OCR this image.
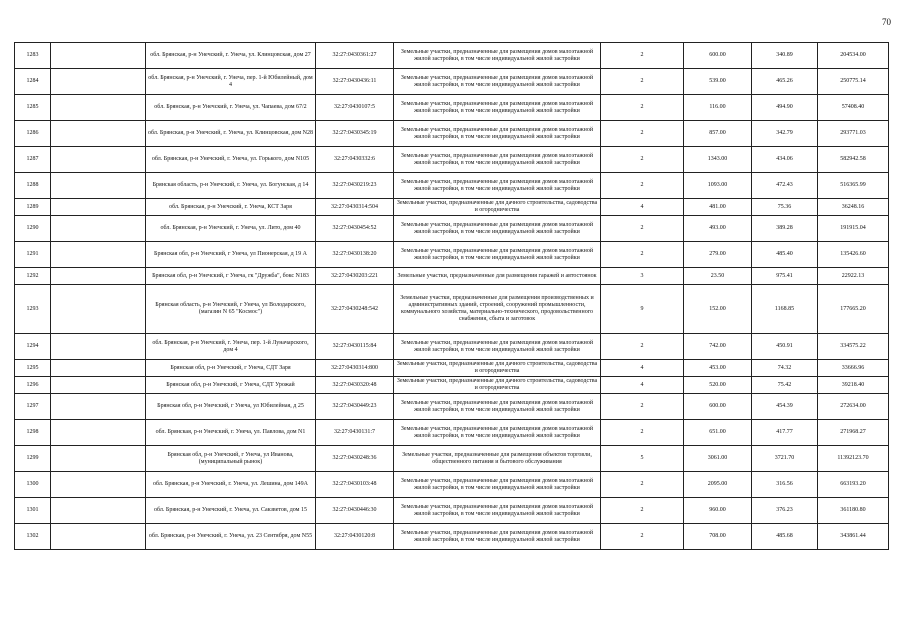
70
1283		обл. Брянская, р-н Унечский, г. Унеча, ул. Клинцовская, дом 27	32:27:0430361:27	Земельные участки, предназначенные для размещения домов малоэтажной жилой застройки, в том числе индивидуальной жилой застройки	2	600.00	340.89	204534.00
1284		обл. Брянская, р-н Унечский, г. Унеча, пер. 1-й Юбилейный, дом 4	32:27:0430436:11	Земельные участки, предназначенные для размещения домов малоэтажной жилой застройки, в том числе индивидуальной жилой застройки	2	539.00	465.26	250775.14
1285		обл. Брянская, р-н Унечский, г. Унеча, ул. Чапаева, дом 67/2	32:27:0430107:5	Земельные участки, предназначенные для размещения домов малоэтажной жилой застройки, в том числе индивидуальной жилой застройки	2	116.00	494.90	57408.40
1286		обл. Брянская, р-н Унечский, г. Унеча, ул. Клинцовская, дом N28	32:27:0430345:19	Земельные участки, предназначенные для размещения домов малоэтажной жилой застройки, в том числе индивидуальной жилой застройки	2	857.00	342.79	293771.03
1287		обл. Брянская, р-н Унечский, г. Унеча, ул. Горького, дом N105	32:27:0430332:6	Земельные участки, предназначенные для размещения домов малоэтажной жилой застройки, в том числе индивидуальной жилой застройки	2	1343.00	434.06	582942.58
1288		Брянская область, р-н Унечский, г. Унеча, ул. Богунская, д 14	32:27:0430219:23	Земельные участки, предназначенные для размещения домов малоэтажной жилой застройки, в том числе индивидуальной жилой застройки	2	1093.00	472.43	516365.99
1289		обл. Брянская, р-н Унечский, г. Унеча, КСТ Заря	32:27:0430314:504	Земельные участки, предназначенные для дачного строительства, садоводства и огородничества	4	481.00	75.36	36248.16
1290		обл. Брянская, р-н Унечский, г. Унеча, ул. Лито, дом 40	32:27:0430454:52	Земельные участки, предназначенные для размещения домов малоэтажной жилой застройки, в том числе индивидуальной жилой застройки	2	493.00	389.28	191915.04
1291		Брянская обл, р-н Унечский, г Унеча, ул Пионерская, д 19 А	32:27:0430138:20	Земельные участки, предназначенные для размещения домов малоэтажной жилой застройки, в том числе индивидуальной жилой застройки	2	279.00	485.40	135426.60
1292		Брянская обл, р-н Унечский, г Унеча, гк "Дружба", бокс N183	32:27:0430203:221	Земельные участки, предназначенные для размещения гаражей и автостоянок	3	23.50	975.41	22922.13
1293		Брянская область, р-н Унечский, г Унеча, ул Володарского, (магазин N 65 "Космос")	32:27:0430248:542	Земельные участки, предназначенные для размещения производственных и административных зданий, строений, сооружений промышленности, коммунального хозяйства, материально-технического, продовольственного снабжения, сбыта и заготовок	9	152.00	1168.85	177665.20
1294		обл. Брянская, р-н Унечский, г. Унеча, пер. 1-й Луначарского, дом 4	32:27:0430115:84	Земельные участки, предназначенные для размещения домов малоэтажной жилой застройки, в том числе индивидуальной жилой застройки	2	742.00	450.91	334575.22
1295		Брянская обл, р-н Унечский, г Унеча, СДТ Заря	32:27:0430314:800	Земельные участки, предназначенные для дачного строительства, садоводства и огородничества	4	453.00	74.32	33666.96
1296		Брянская обл, р-н Унечский, г Унеча, СДТ Урожай	32:27:0430320:48	Земельные участки, предназначенные для дачного строительства, садоводства и огородничества	4	520.00	75.42	39218.40
1297		Брянская обл, р-н Унечский, г Унеча, ул Юбилейная, д 25	32:27:0430449:23	Земельные участки, предназначенные для размещения домов малоэтажной жилой застройки, в том числе индивидуальной жилой застройки	2	600.00	454.39	272634.00
1298		обл. Брянская, р-н Унечский, г. Унеча, ул. Павлова, дом N1	32:27:0430131:7	Земельные участки, предназначенные для размещения домов малоэтажной жилой застройки, в том числе индивидуальной жилой застройки	2	651.00	417.77	271968.27
1299		Брянская обл, р-н Унечский, г Унеча, ул Иванова, (муниципальный рынок)	32:27:0430248:36	Земельные участки, предназначенные для размещения объектов торговли, общественного питания и бытового обслуживания	5	3061.00	3721.70	11392123.70
1300		обл. Брянская, р-н Унечский, г. Унеча, ул. Лешина, дом 149А	32:27:0430103:48	Земельные участки, предназначенные для размещения домов малоэтажной жилой застройки, в том числе индивидуальной жилой застройки	2	2095.00	316.56	663193.20
1301		обл. Брянская, р-н Унечский, г. Унеча, ул. Сакзветов, дом 15	32:27:0430446:30	Земельные участки, предназначенные для размещения домов малоэтажной жилой застройки, в том числе индивидуальной жилой застройки	2	960.00	376.23	361180.80
1302		обл. Брянская, р-н Унечский, г. Унеча, ул. 23 Сентября, дом N55	32:27:0430120:8	Земельные участки, предназначенные для размещения домов малоэтажной жилой застройки, в том числе индивидуальной жилой застройки	2	708.00	485.68	343861.44
